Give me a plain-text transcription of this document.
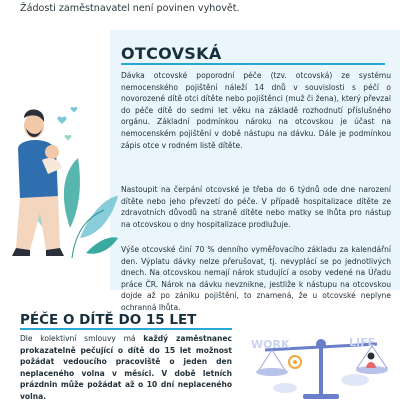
Žádosti zaměstnavatel není povinen vyhovět.
OTCOVSKÁ
Dávka otcovské poporodní péče (tzv. otcovská) ze systému nemocenského pojištění náleží 14 dnů v souvislosti s péčí o novorozené dítě otci dítěte nebo pojištěnci (muž či žena), který převzal do péče dítě do sedmi let věku na základě rozhodnutí příslušného orgánu. Základní podmínkou nároku na otcovskou je účast na nemocenském pojištění v době nástupu na dávku. Dále je podmínkou zápis otce v rodném listě dítěte.
Nastoupit na čerpání otcovské je třeba do 6 týdnů ode dne narození dítěte nebo jeho převzetí do péče. V případě hospitalizace dítěte ze zdravotních důvodů na straně dítěte nebo matky se lhůta pro nástup na otcovskou o dny hospitalizace prodlužuje.
Výše otcovské činí 70 % denního vyměřovacího základu za kalendářní den. Výplatu dávky nelze přerušovat, tj. nevyplácí se po jednotlivých dnech. Na otcovskou nemají nárok studující a osoby vedené na Úřadu práce ČR. Nárok na dávku nevznikne, jestliže k nástupu na otcovskou dojde až po zániku pojištění, to znamená, že u otcovské neplyne ochranná lhůta.
PÉČE O DÍTĚ DO 15 LET
Dle kolektivní smlouvy má každý zaměstnanec prokazatelně pečující o dítě do 15 let možnost požádat vedoucího pracoviště o jeden den neplaceného volna v měsíci. V době letních prázdnin může požádat až o 10 dní neplaceného volna.
WORK	LIFE
